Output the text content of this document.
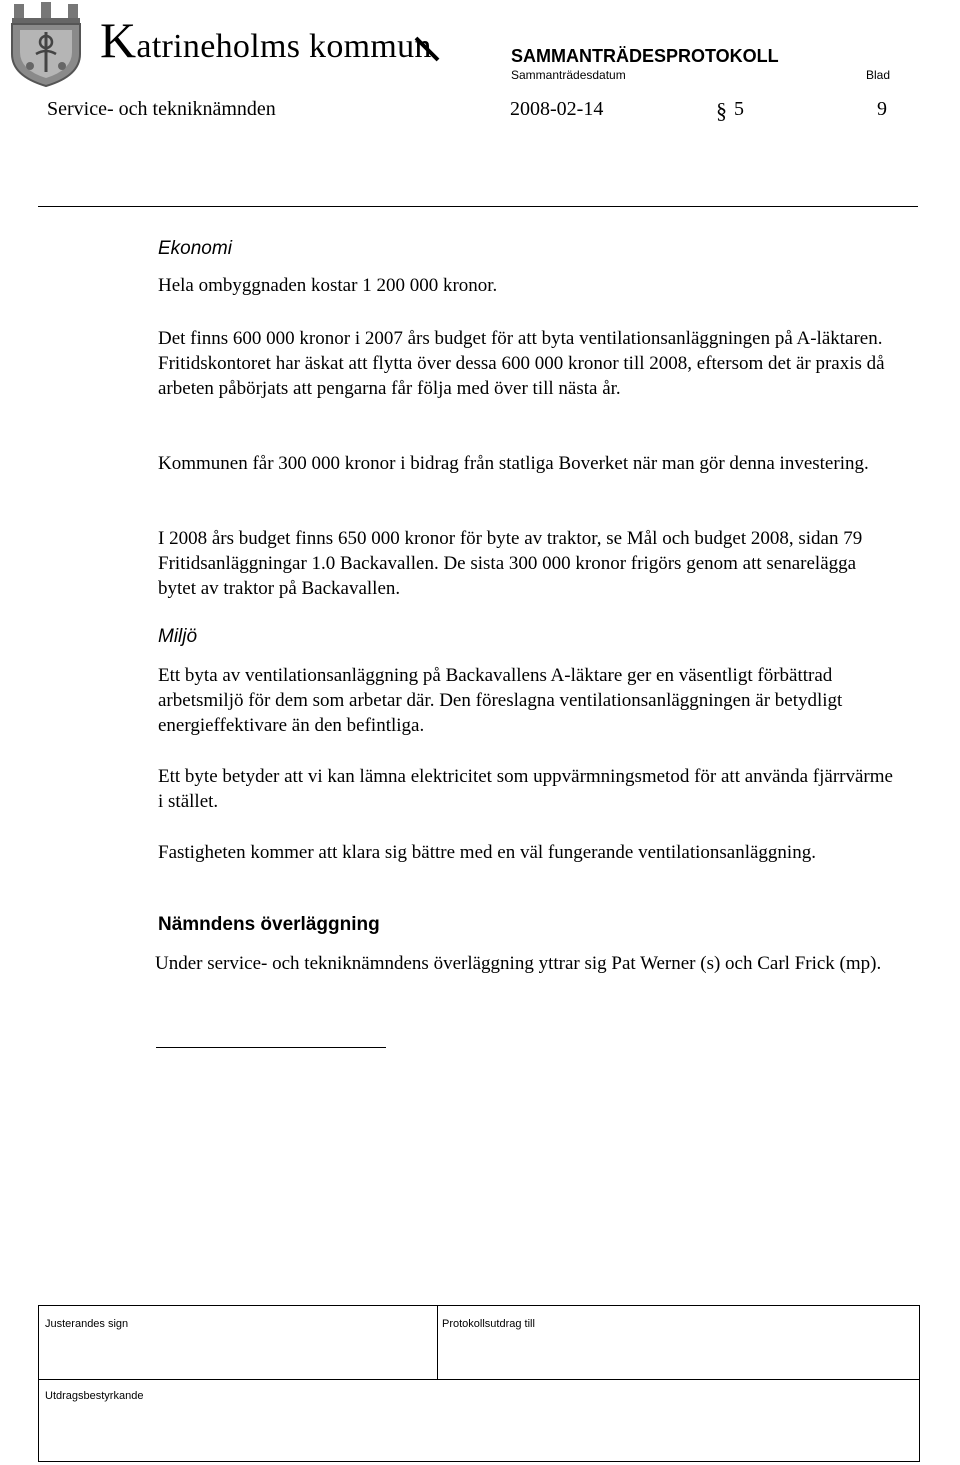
Katrineholms kommun	SAMMANTRÄDESPROTOKOLL
Sammanträdesdatum	Blad
Service- och tekniknämnden	2008-02-14	§ 5	9
Ekonomi
Hela ombyggnaden kostar 1 200 000 kronor.
Det finns 600 000 kronor i 2007 års budget för att byta ventilationsanläggningen på A-läktaren. Fritidskontoret har äskat att flytta över dessa 600 000 kronor till 2008, eftersom det är praxis då arbeten påbörjats att pengarna får följa med över till nästa år.
Kommunen får 300 000 kronor i bidrag från statliga Boverket när man gör denna investering.
I 2008 års budget finns 650 000 kronor för byte av traktor, se Mål och budget 2008, sidan 79 Fritidsanläggningar 1.0 Backavallen. De sista 300 000 kronor frigörs genom att senarelägga bytet av traktor på Backavallen.
Miljö
Ett byta av ventilationsanläggning på Backavallens A-läktare ger en väsentligt förbättrad arbetsmiljö för dem som arbetar där. Den föreslagna ventilationsanläggningen är betydligt energieffektivare än den befintliga.
Ett byte betyder att vi kan lämna elektricitet som uppvärmningsmetod för att använda fjärrvärme i stället.
Fastigheten kommer att klara sig bättre med en väl fungerande ventilationsanläggning.
Nämndens överläggning
Under service- och tekniknämndens överläggning yttrar sig Pat Werner (s) och Carl Frick (mp).
Justerandes sign	Protokollsutdrag till
Utdragsbestyrkande
